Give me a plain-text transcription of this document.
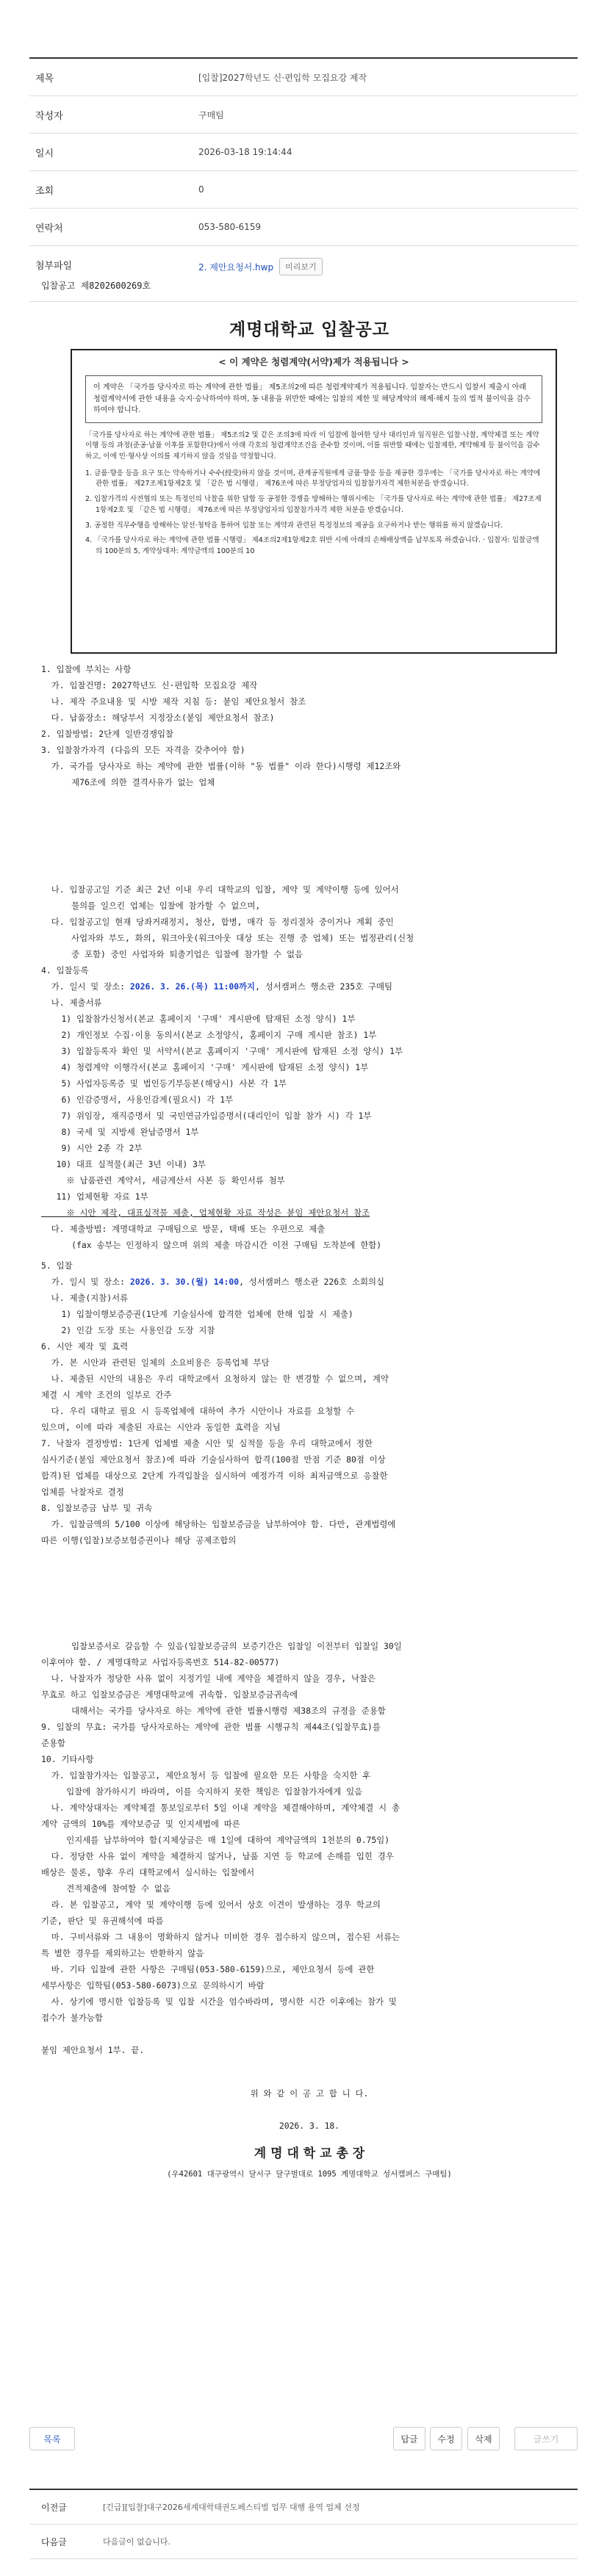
제목	[입찰]2027학년도 신·편입학 모집요강 제작
작성자	구매팀
일시	2026-03-18 19:14:44
조회	0
연락처	053-580-6159
첨부파일	2. 제안요청서.hwp	미리보기
입찰공고 제8202600269호
계명대학교 입찰공고
< 이 계약은 청렴계약(서약)제가 적용됩니다 >
이 계약은 「국가를 당사자로 하는 계약에 관한 법률」 제5조의2에 따른 청렴계약제가 적용됩니다. 입찰자는 반드시 입찰서 제출시 아래 청렴계약서에 관한 내용을 숙지·승낙하여야 하며, 동 내용을 위반한 때에는 입찰의 제한 및 해당계약의 해제·해지 등의 법적 불이익을 감수하여야 합니다.
「국가를 당사자로 하는 계약에 관한 법률」 제5조의2 및 같은 조의3에 따라 이 입찰에 참여한 당사 대리인과 임직원은 입찰·낙찰, 계약체결 또는 계약이행 등의 과정(준공·납품 이후를 포함한다)에서 아래 각호의 청렴계약조건을 준수할 것이며, 이를 위반할 때에는 입찰제한, 계약해제 등 불이익을 감수하고, 이에 민·형사상 이의를 제기하지 않을 것임을 약정합니다.
1. 금품·향응 등을 요구 또는 약속하거나 수수(授受)하지 않을 것이며, 관계공직원에게 금품·향응 등을 제공한 경우에는 「국가를 당사자로 하는 계약에 관한 법률」 제27조제1항제2호 및 「같은 법 시행령」 제76조에 따른 부정당업자의 입찰참가자격 제한처분을 받겠습니다.
2. 입찰가격의 사전협의 또는 특정인의 낙찰을 위한 담합 등 공정한 경쟁을 방해하는 행위시에는 「국가를 당사자로 하는 계약에 관한 법률」 제27조제1항제2호 및 「같은 법 시행령」 제76조에 따른 부정당업자의 입찰참가자격 제한 처분을 받겠습니다.
3. 공정한 직무수행을 방해하는 알선·청탁을 통하여 입찰 또는 계약과 관련된 특정정보의 제공을 요구하거나 받는 행위를 하지 않겠습니다.
4. 「국가를 당사자로 하는 계약에 관한 법률 시행령」 제4조의2제1항제2호 위반 시에 아래의 손해배상액을 납부토록 하겠습니다. · 입찰자: 입찰금액의 100분의 5, 계약상대자: 계약금액의 100분의 10
1. 입찰에 부치는 사항
가. 입찰건명: 2027학년도 신·편입학 모집요강 제작
나. 제작 주요내용 및 시방 제작 지침 등: 붙임 제안요청서 참조
다. 납품장소: 해당부서 지정장소(붙임 제안요청서 참조)
2. 입찰방법: 2단계 일반경쟁입찰
3. 입찰참가자격 (다음의 모든 자격을 갖추어야 함)
가. 국가를 당사자로 하는 계약에 관한 법률(이하 "동 법률" 이라 한다)시행령 제12조와
제76조에 의한 결격사유가 없는 업체
나. 입찰공고일 기준 최근 2년 이내 우리 대학교의 입찰, 계약 및 계약이행 등에 있어서
물의를 일으킨 업체는 입찰에 참가할 수 없으며,
다. 입찰공고일 현재 당좌거래정지, 청산, 합병, 매각 등 정리절차 중이거나 계획 중인
사업자와 부도, 화의, 워크아웃(워크아웃 대상 또는 진행 중 업체) 또는 법정관리(신청
중 포함) 중인 사업자와 퇴출기업은 입찰에 참가할 수 없음
4. 입찰등록
가. 일시 및 장소: 2026. 3. 26.(목) 11:00까지, 성서캠퍼스 행소관 235호 구매팀
나. 제출서류
1) 입찰참가신청서(본교 홈페이지 '구매' 게시판에 탑재된 소정 양식) 1부
2) 개인정보 수집·이용 동의서(본교 소정양식, 홈페이지 구매 게시판 참조) 1부
3) 입찰등록자 확인 및 서약서(본교 홈페이지 '구매' 게시판에 탑재된 소정 양식) 1부
4) 청렴계약 이행각서(본교 홈페이지 '구매' 게시판에 탑재된 소정 양식) 1부
5) 사업자등록증 및 법인등기부등본(해당시) 사본 각 1부
6) 인감증명서, 사용인감계(필요시) 각 1부
7) 위임장, 재직증명서 및 국민연금가입증명서(대리인이 입찰 참가 시) 각 1부
8) 국세 및 지방세 완납증명서 1부
9) 시안 2종 각 2부
10) 대표 실적물(최근 3년 이내) 3부
※ 납품관련 계약서, 세금계산서 사본 등 확인서류 첨부
11) 업체현황 자료 1부
※ 시안 제작, 대표실적물 제출, 업체현황 자료 작성은 붙임 제안요청서 참조
다. 제출방법: 계명대학교 구매팀으로 방문, 택배 또는 우편으로 제출
(fax 송부는 인정하지 않으며 위의 제출 마감시간 이전 구매팀 도착분에 한함)
5. 입찰
가. 일시 및 장소: 2026. 3. 30.(월) 14:00, 성서캠퍼스 행소관 226호 소회의실
나. 제출(지참)서류
1) 입찰이행보증증권(1단계 기술심사에 합격한 업체에 한해 입찰 시 제출)
2) 인감 도장 또는 사용인감 도장 지참
6. 시안 제작 및 효력
가. 본 시안과 관련된 일체의 소요비용은 등록업체 부담
나. 제출된 시안의 내용은 우리 대학교에서 요청하지 않는 한 변경할 수 없으며, 계약
체결 시 계약 조건의 일부로 간주
다. 우리 대학교 필요 시 등록업체에 대하여 추가 시안이나 자료를 요청할 수
있으며, 이에 따라 제출된 자료는 시안과 동일한 효력을 지님
7. 낙찰자 결정방법: 1단계 업체별 제출 시안 및 실적물 등을 우리 대학교에서 정한
심사기준(붙임 제안요청서 참조)에 따라 기술심사하여 합격(100점 만점 기준 80점 이상
합격)된 업체를 대상으로 2단계 가격입찰을 실시하여 예정가격 이하 최저금액으로 응찰한
업체를 낙찰자로 결정
8. 입찰보증금 납부 및 귀속
가. 입찰금액의 5/100 이상에 해당하는 입찰보증금을 납부하여야 함. 다만, 관계법령에
따른 이행(입찰)보증보험증권이나 해당 공제조합의
입찰보증서로 갈음할 수 있음(입찰보증금의 보증기간은 입찰일 이전부터 입찰일 30일
이후여야 함. / 계명대학교 사업자등록번호 514-82-00577)
나. 낙찰자가 정당한 사유 없이 지정기일 내에 계약을 체결하지 않을 경우, 낙찰은
무효로 하고 입찰보증금은 계명대학교에 귀속함. 입찰보증금귀속에
대해서는 국가를 당사자로 하는 계약에 관한 법률시행령 제38조의 규정을 준용함
9. 입찰의 무효: 국가를 당사자로하는 계약에 관한 법률 시행규칙 제44조(입찰무효)를
준용함
10. 기타사항
가. 입찰참가자는 입찰공고, 제안요청서 등 입찰에 필요한 모든 사항을 숙지한 후
입찰에 참가하시기 바라며, 이를 숙지하지 못한 책임은 입찰참가자에게 있음
나. 계약상대자는 계약체결 통보일로부터 5일 이내 계약을 체결해야하며, 계약체결 시 총
계약 금액의 10%를 계약보증금 및 인지세법에 따른
인지세를 납부하여야 함(지체상금은 매 1일에 대하여 계약금액의 1천분의 0.75임)
다. 정당한 사유 없이 계약을 체결하지 않거나, 납품 지연 등 학교에 손해를 입힌 경우
배상은 물론, 향후 우리 대학교에서 실시하는 입찰에서
견적제출에 참여할 수 없음
라. 본 입찰공고, 계약 및 계약이행 등에 있어서 상호 이견이 발생하는 경우 학교의
기준, 판단 및 유권해석에 따름
마. 구비서류와 그 내용이 명확하지 않거나 미비한 경우 접수하지 않으며, 접수된 서류는
특 별한 경우를 제외하고는 반환하지 않음
바. 기타 입찰에 관한 사항은 구매팀(053-580-6159)으로, 제안요청서 등에 관한
세부사항은 입학팀(053-580-6073)으로 문의하시기 바람
사. 상기에 명시한 입찰등록 및 입찰 시간을 엄수바라며, 명시한 시간 이후에는 참가 및
접수가 불가능함
붙임 제안요청서 1부. 끝.
위 와 같 이 공 고 합 니 다.
2026. 3. 18.
계 명 대 학 교 총 장
(우42601 대구광역시 달서구 달구벌대로 1095 계명대학교 성서캠퍼스 구매팀)
목록	답글	수정	삭제	글쓰기
이전글	[긴급][입찰]대구2026세계대학태권도페스티벌 업무 대행 용역 업체 선정
다음글	다음글이 없습니다.
